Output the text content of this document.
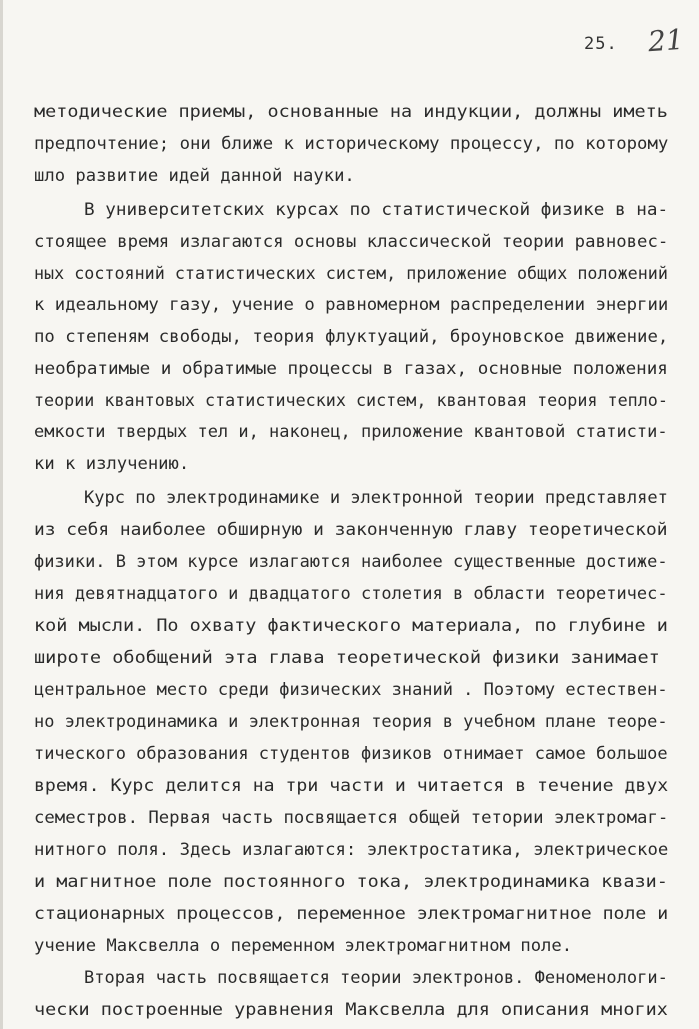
25. 21
методические приемы, основанные на индукции, должны иметь
предпочтение; они ближе к историческому процессу, по которому
шло развитие идей данной науки.
В университетских курсах по статистической физике в на-
стоящее время излагаются основы классической теории равновес-
ных состояний статистических систем, приложение общих положений
к идеальному газу, учение о равномерном распределении энергии
по степеням свободы, теория флуктуаций, броуновское движение,
необратимые и обратимые процессы в газах, основные положения
теории квантовых статистических систем, квантовая теория тепло-
емкости твердых тел и, наконец, приложение квантовой статисти-
ки к излучению.
Курс по электродинамике и электронной теории представляет
из себя наиболее обширную и законченную главу теоретической
физики. В этом курсе излагаются наиболее существенные достиже-
ния девятнадцатого и двадцатого столетия в области теоретичес-
кой мысли. По охвату фактического материала, по глубине и
широте обобщений эта глава теоретической физики занимает
центральное место среди физических знаний . Поэтому естествен-
но электродинамика и электронная теория в учебном плане теоре-
тического образования студентов физиков отнимает самое большое
время. Курс делится на три части и читается в течение двух
семестров. Первая часть посвящается общей тетории электромаг-
нитного поля. Здесь излагаются: электростатика, электрическое
и магнитное поле постоянного тока, электродинамика квази-
стационарных процессов, переменное электромагнитное поле и
учение Максвелла о переменном электромагнитном поле.
Вторая часть посвящается теории электронов. Феноменологи-
чески построенные уравнения Максвелла для описания многих
